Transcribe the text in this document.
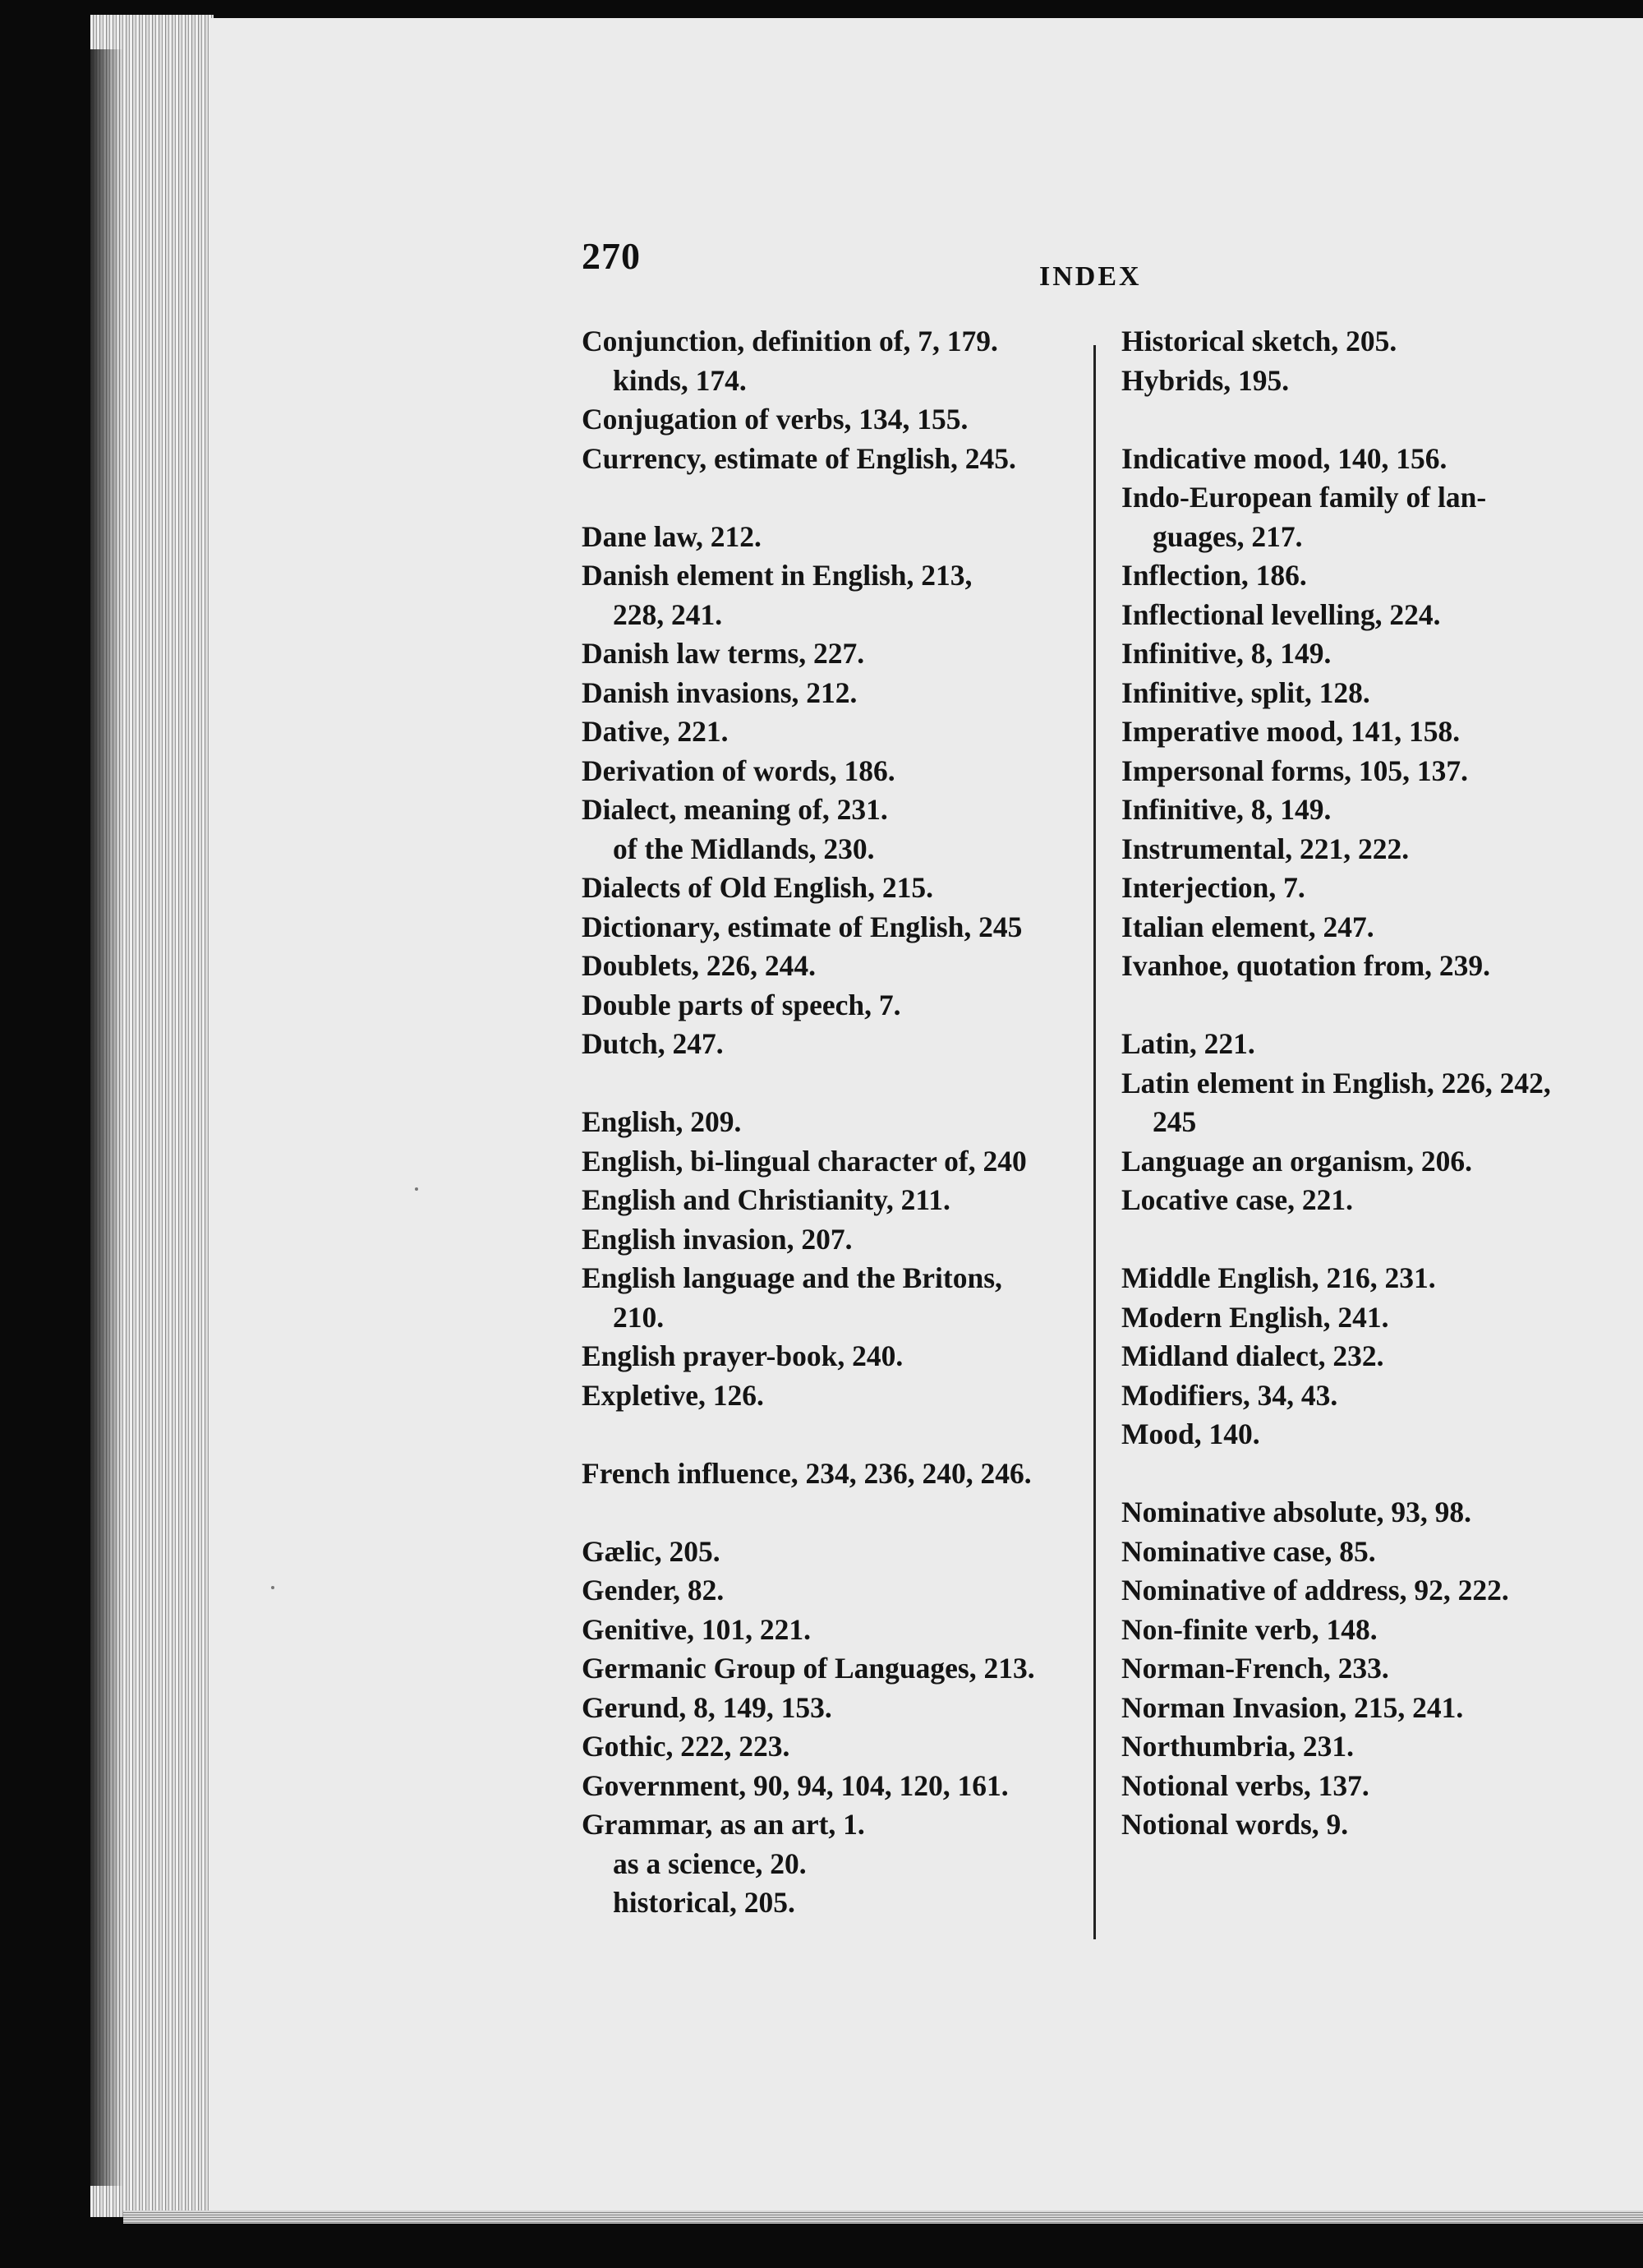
270	INDEX
Conjunction, definition of, 7, 179.
kinds, 174.
Conjugation of verbs, 134, 155.
Currency, estimate of English, 245.
Dane law, 212.
Danish element in English, 213,
228, 241.
Danish law terms, 227.
Danish invasions, 212.
Dative, 221.
Derivation of words, 186.
Dialect, meaning of, 231.
of the Midlands, 230.
Dialects of Old English, 215.
Dictionary, estimate of English, 245
Doublets, 226, 244.
Double parts of speech, 7.
Dutch, 247.
English, 209.
English, bi-lingual character of, 240
English and Christianity, 211.
English invasion, 207.
English language and the Britons,
210.
English prayer-book, 240.
Expletive, 126.
French influence, 234, 236, 240, 246.
Gælic, 205.
Gender, 82.
Genitive, 101, 221.
Germanic Group of Languages, 213.
Gerund, 8, 149, 153.
Gothic, 222, 223.
Government, 90, 94, 104, 120, 161.
Grammar, as an art, 1.
as a science, 20.
historical, 205.
Historical sketch, 205.
Hybrids, 195.
Indicative mood, 140, 156.
Indo-European family of lan-
guages, 217.
Inflection, 186.
Inflectional levelling, 224.
Infinitive, 8, 149.
Infinitive, split, 128.
Imperative mood, 141, 158.
Impersonal forms, 105, 137.
Infinitive, 8, 149.
Instrumental, 221, 222.
Interjection, 7.
Italian element, 247.
Ivanhoe, quotation from, 239.
Latin, 221.
Latin element in English, 226, 242,
245
Language an organism, 206.
Locative case, 221.
Middle English, 216, 231.
Modern English, 241.
Midland dialect, 232.
Modifiers, 34, 43.
Mood, 140.
Nominative absolute, 93, 98.
Nominative case, 85.
Nominative of address, 92, 222.
Non-finite verb, 148.
Norman-French, 233.
Norman Invasion, 215, 241.
Northumbria, 231.
Notional verbs, 137.
Notional words, 9.
